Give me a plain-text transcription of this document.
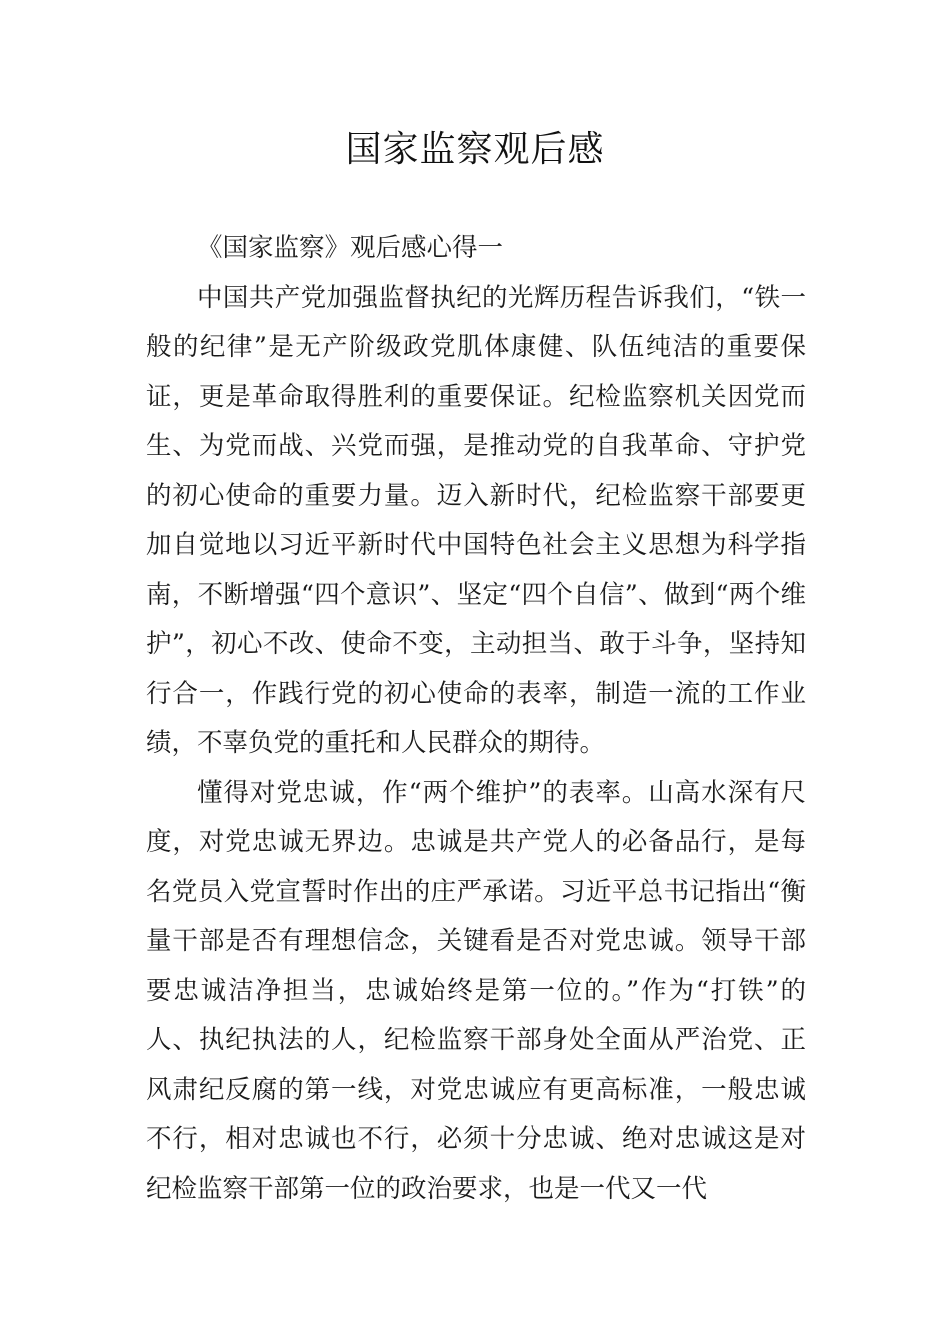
国家监察观后感

《国家监察》观后感心得一

中国共产党加强监督执纪的光辉历程告诉我们，“铁一般的纪律”是无产阶级政党肌体康健、队伍纯洁的重要保证，更是革命取得胜利的重要保证。纪检监察机关因党而生、为党而战、兴党而强，是推动党的自我革命、守护党的初心使命的重要力量。迈入新时代，纪检监察干部要更加自觉地以习近平新时代中国特色社会主义思想为科学指南，不断增强“四个意识”、坚定“四个自信”、做到“两个维护”，初心不改、使命不变，主动担当、敢于斗争，坚持知行合一，作践行党的初心使命的表率，制造一流的工作业绩，不辜负党的重托和人民群众的期待。

懂得对党忠诚，作“两个维护”的表率。山高水深有尺度，对党忠诚无界边。忠诚是共产党人的必备品行，是每名党员入党宣誓时作出的庄严承诺。习近平总书记指出“衡量干部是否有理想信念，关键看是否对党忠诚。领导干部要忠诚洁净担当，忠诚始终是第一位的。”作为“打铁”的人、执纪执法的人，纪检监察干部身处全面从严治党、正风肃纪反腐的第一线，对党忠诚应有更高标准，一般忠诚不行，相对忠诚也不行，必须十分忠诚、绝对忠诚这是对纪检监察干部第一位的政治要求，也是一代又一代
